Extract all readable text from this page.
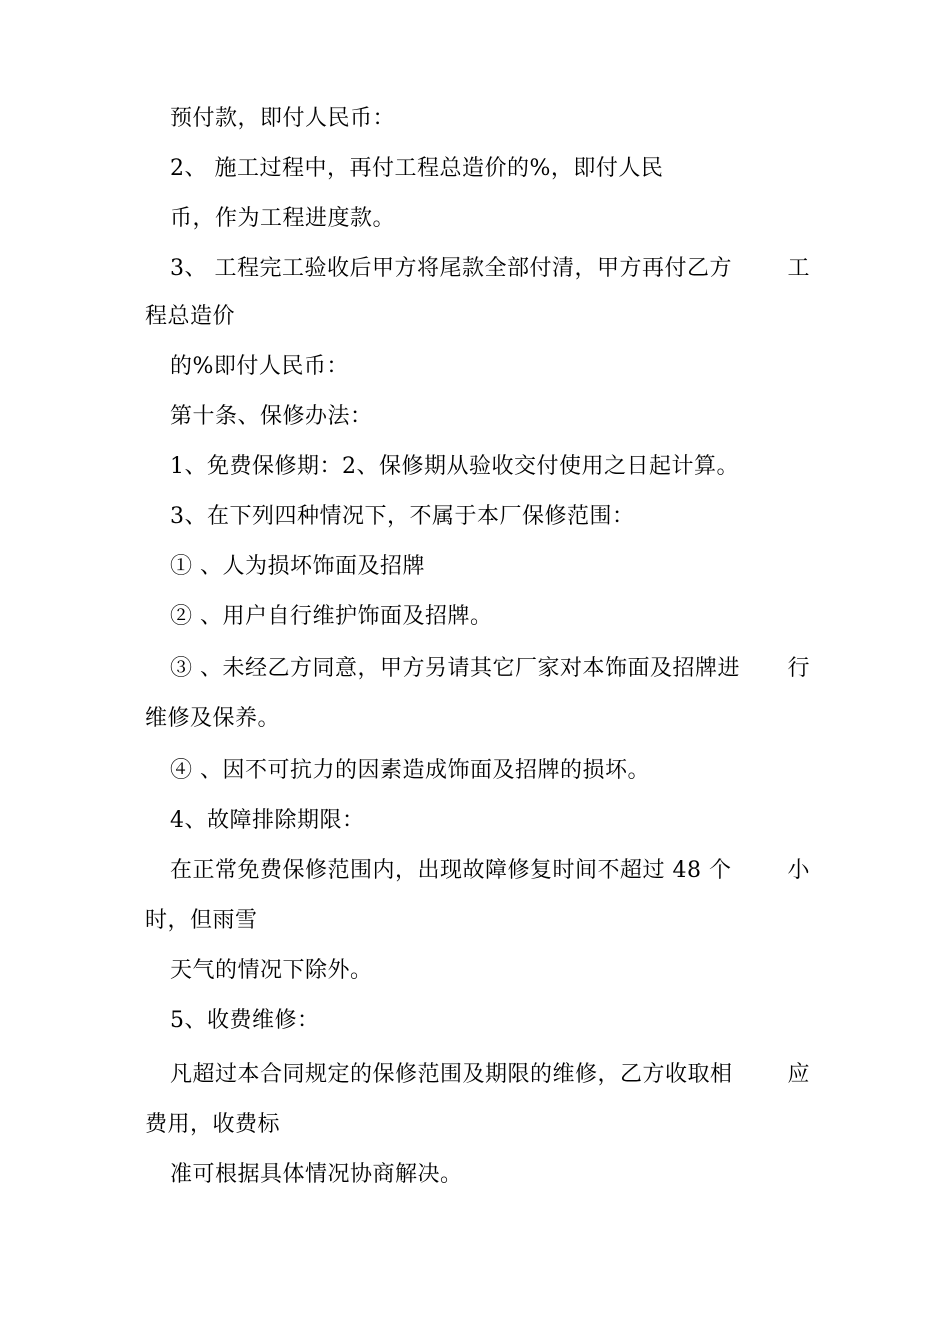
预付款，即付人民币：
2、 施工过程中，再付工程总造价的%，即付人民
币，作为工程进度款。
3、 工程完工验收后甲方将尾款全部付清，甲方再付乙方	工
程总造价
的%即付人民币：
第十条、保修办法：
1、免费保修期：2、保修期从验收交付使用之日起计算。
3、在下列四种情况下，不属于本厂保修范围：
① 、人为损坏饰面及招牌
② 、用户自行维护饰面及招牌。
③ 、未经乙方同意，甲方另请其它厂家对本饰面及招牌进 行
维修及保养。
④ 、因不可抗力的因素造成饰面及招牌的损坏。
4、故障排除期限：
在正常免费保修范围内，出现故障修复时间不超过 48 个	小
时，但雨雪
天气的情况下除外。
5、收费维修：
凡超过本合同规定的保修范围及期限的维修，乙方收取相 应
费用，收费标
准可根据具体情况协商解决。
